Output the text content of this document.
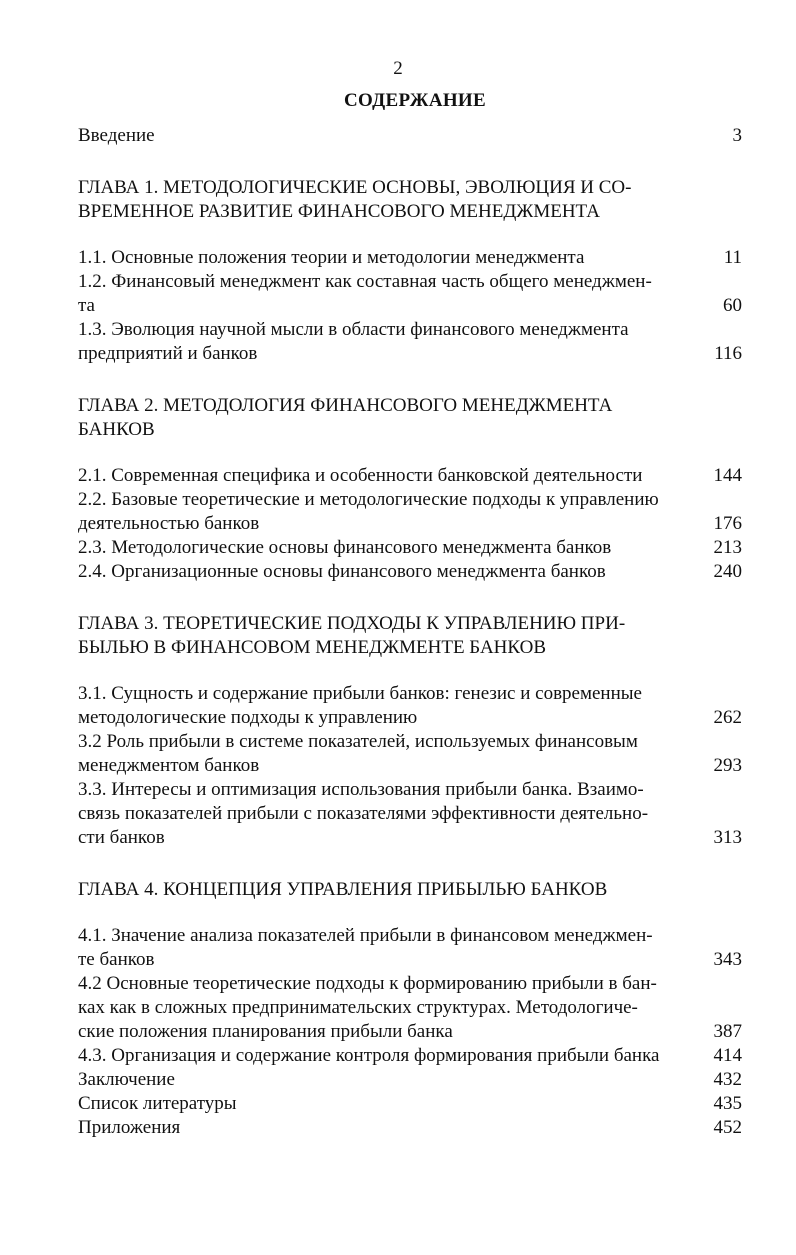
2
СОДЕРЖАНИЕ
Введение	3
ГЛАВА 1. МЕТОДОЛОГИЧЕСКИЕ ОСНОВЫ, ЭВОЛЮЦИЯ И СО-
ВРЕМЕННОЕ РАЗВИТИЕ ФИНАНСОВОГО МЕНЕДЖМЕНТА
1.1. Основные положения теории и методологии менеджмента	11
1.2. Финансовый менеджмент как составная часть общего менеджмен-
та	60
1.3. Эволюция научной мысли в области финансового менеджмента
предприятий и банков	116
ГЛАВА 2. МЕТОДОЛОГИЯ ФИНАНСОВОГО МЕНЕДЖМЕНТА
БАНКОВ
2.1. Современная специфика и особенности банковской деятельности	144
2.2. Базовые теоретические и методологические подходы к управлению
деятельностью банков	176
2.3. Методологические основы финансового менеджмента банков	213
2.4. Организационные основы финансового менеджмента банков	240
ГЛАВА 3. ТЕОРЕТИЧЕСКИЕ ПОДХОДЫ К УПРАВЛЕНИЮ ПРИ-
БЫЛЬЮ В ФИНАНСОВОМ МЕНЕДЖМЕНТЕ БАНКОВ
3.1. Сущность и содержание прибыли банков: генезис и современные
методологические подходы к управлению	262
3.2 Роль прибыли в системе показателей, используемых финансовым
менеджментом банков	293
3.3. Интересы и оптимизация использования прибыли банка. Взаимо-
связь показателей прибыли с показателями эффективности деятельно-
сти банков	313
ГЛАВА 4. КОНЦЕПЦИЯ УПРАВЛЕНИЯ ПРИБЫЛЬЮ БАНКОВ
4.1. Значение анализа показателей прибыли в финансовом менеджмен-
те банков	343
4.2 Основные теоретические подходы к формированию прибыли в бан-
ках как в сложных предпринимательских структурах. Методологиче-
ские положения планирования прибыли банка	387
4.3. Организация и содержание контроля формирования прибыли банка	414
Заключение	432
Список литературы	435
Приложения	452
